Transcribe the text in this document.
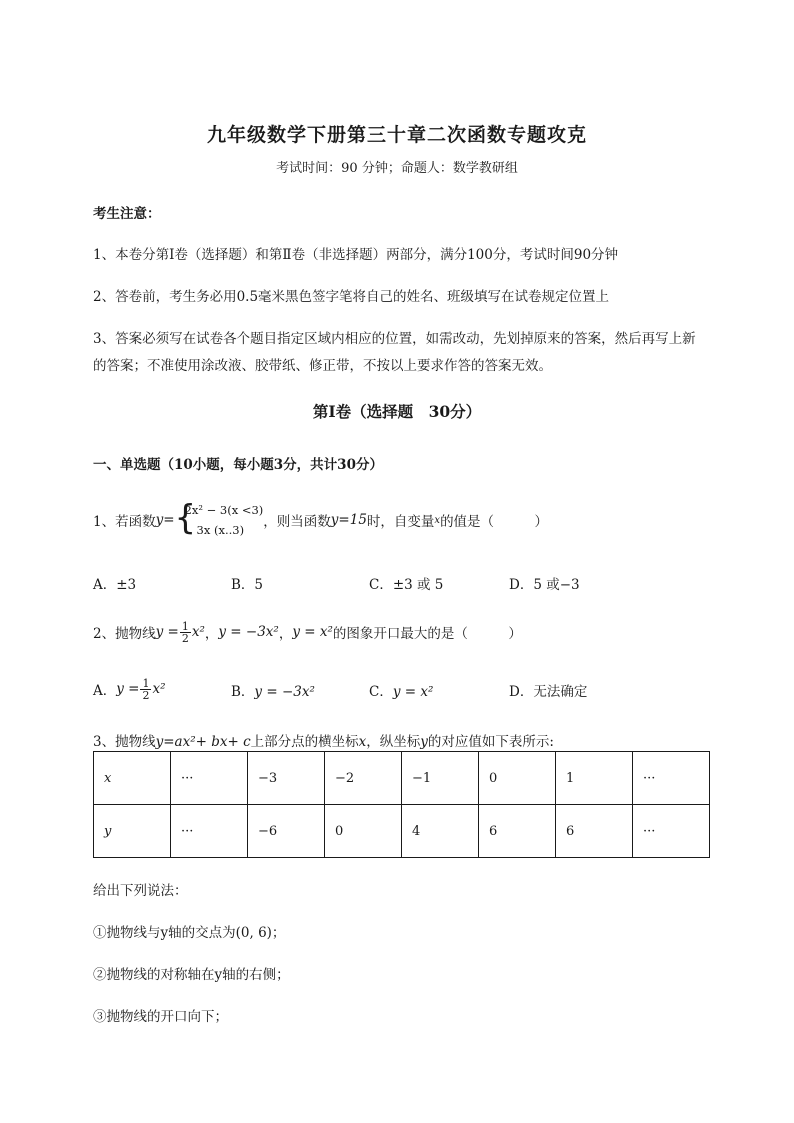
九年级数学下册第三十章二次函数专题攻克
考试时间：90 分钟；命题人：数学教研组
考生注意：
1、本卷分第Ⅰ卷（选择题）和第Ⅱ卷（非选择题）两部分，满分100分，考试时间90分钟
2、答卷前，考生务必用0.5毫米黑色签字笔将自己的姓名、班级填写在试卷规定位置上
3、答案必须写在试卷各个题目指定区域内相应的位置，如需改动，先划掉原来的答案，然后再写上新
的答案；不准使用涂改液、胶带纸、修正带，不按以上要求作答的答案无效。
第Ⅰ卷（选择题　30分）
一、单选题（10小题，每小题3分，共计30分）
1、若函数 y = {
2x² − 3(x <3)
3x (x..3)	，则当函数 y=15 时，自变量 x 的值是（　　　）
A．±3	B．5	C．±3 或 5	D．5 或−3
2、抛物线 $y = \frac{1}{2} x^2$ ， y = −3x² ， y = x² 的图象开口最大的是（　　　）
A． $y = \frac{1}{2} x^2$	B．y = −3x²	C．y = x²	D．无法确定
3、抛物线y=ax²+ bx+ c上部分点的横坐标x，纵坐标y的对应值如下表所示:
x	···	−3	−2	−1	0	1	···
y	···	−6	0	4	6	6	···
给出下列说法：
①抛物线与y轴的交点为(0, 6)；
②抛物线的对称轴在y轴的右侧；
③抛物线的开口向下；
